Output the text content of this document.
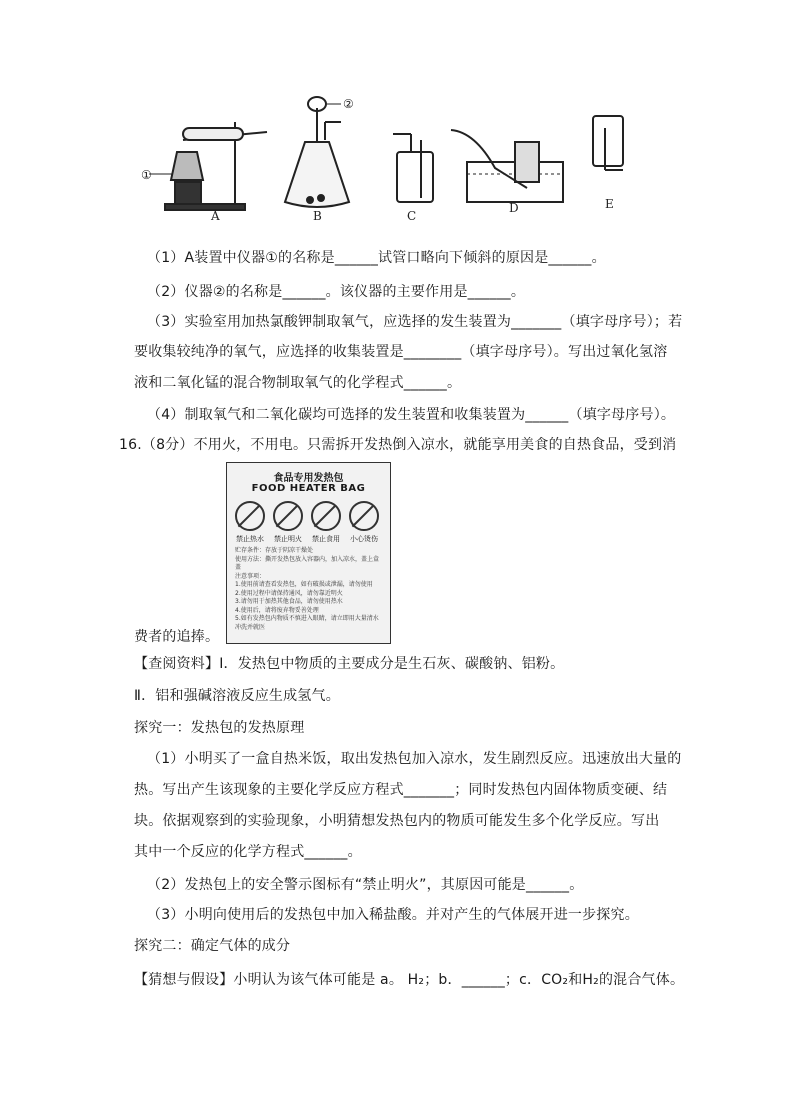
①
②
A	B	C
D	E
（1）A装置中仪器①的名称是______试管口略向下倾斜的原因是______。
（2）仪器②的名称是______。该仪器的主要作用是______。
（3）实验室用加热氯酸钾制取氧气，应选择的发生装置为_______（填字母序号）；若
要收集较纯净的氧气，应选择的收集装置是________（填字母序号）。写出过氧化氢溶
液和二氧化锰的混合物制取氧气的化学程式______。
（4）制取氧气和二氧化碳均可选择的发生装置和收集装置为______（填字母序号）。
16.（8分）不用火，不用电。只需拆开发热倒入凉水，就能享用美食的自热食品，受到消
食品专用发热包
FOOD HEATER BAG
禁止热水	禁止明火	禁止食用	小心烫伤
贮存条件：存放于阴凉干燥处
使用方法：撕开发热包放入容器内，加入凉水，盖上盒盖
注意事项：
1.使用前请查看发热包，如有破损或泄漏，请勿使用
2.使用过程中请保持通风，请勿靠近明火
3.请勿用于加热其他食品，请勿使用热水
4.使用后，请将废弃物妥善处理
5.如有发热包内物质不慎进入眼睛，请立即用大量清水冲洗并就医
费者的追捧。
【查阅资料】Ⅰ．发热包中物质的主要成分是生石灰、碳酸钠、铝粉。
Ⅱ．铝和强碱溶液反应生成氢气。
探究一：发热包的发热原理
（1）小明买了一盒自热米饭，取出发热包加入凉水，发生剧烈反应。迅速放出大量的
热。写出产生该现象的主要化学反应方程式_______；同时发热包内固体物质变硬、结
块。依据观察到的实验现象，小明猜想发热包内的物质可能发生多个化学反应。写出
其中一个反应的化学方程式______。
（2）发热包上的安全警示图标有“禁止明火”，其原因可能是______。
（3）小明向使用后的发热包中加入稀盐酸。并对产生的气体展开进一步探究。
探究二：确定气体的成分
【猜想与假设】小明认为该气体可能是 a。 H₂；b．______；c．CO₂和H₂的混合气体。
